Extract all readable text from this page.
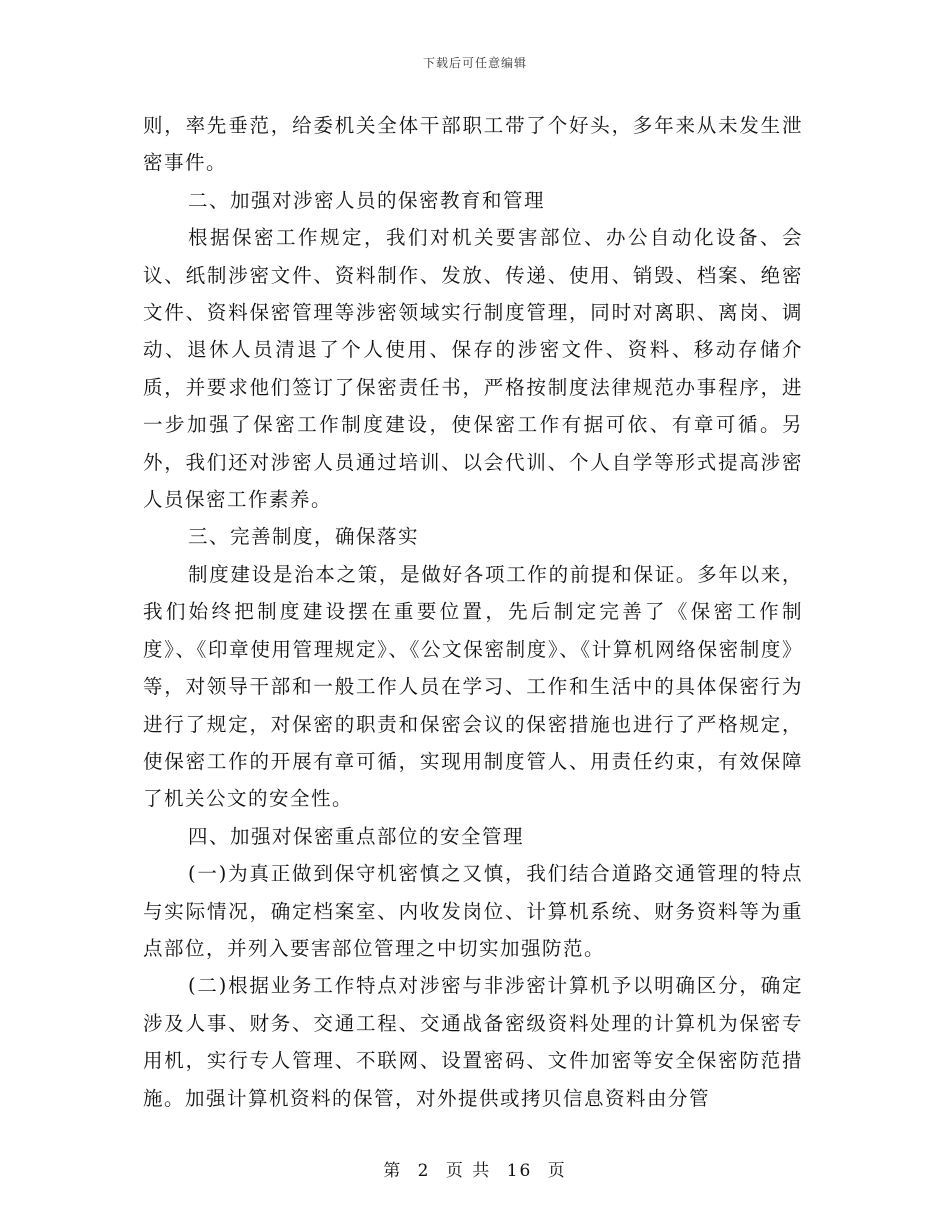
下载后可任意编辑

则，率先垂范，给委机关全体干部职工带了个好头，多年来从未发生泄密事件。

二、加强对涉密人员的保密教育和管理

根据保密工作规定，我们对机关要害部位、办公自动化设备、会议、纸制涉密文件、资料制作、发放、传递、使用、销毁、档案、绝密文件、资料保密管理等涉密领域实行制度管理，同时对离职、离岗、调动、退休人员清退了个人使用、保存的涉密文件、资料、移动存储介质，并要求他们签订了保密责任书，严格按制度法律规范办事程序，进一步加强了保密工作制度建设，使保密工作有据可依、有章可循。另外，我们还对涉密人员通过培训、以会代训、个人自学等形式提高涉密人员保密工作素养。

三、完善制度，确保落实

制度建设是治本之策，是做好各项工作的前提和保证。多年以来，我们始终把制度建设摆在重要位置，先后制定完善了《保密工作制度》、《印章使用管理规定》、《公文保密制度》、《计算机网络保密制度》等，对领导干部和一般工作人员在学习、工作和生活中的具体保密行为进行了规定，对保密的职责和保密会议的保密措施也进行了严格规定，使保密工作的开展有章可循，实现用制度管人、用责任约束，有效保障了机关公文的安全性。

四、加强对保密重点部位的安全管理

(一)为真正做到保守机密慎之又慎，我们结合道路交通管理的特点与实际情况，确定档案室、内收发岗位、计算机系统、财务资料等为重点部位，并列入要害部位管理之中切实加强防范。

(二)根据业务工作特点对涉密与非涉密计算机予以明确区分，确定涉及人事、财务、交通工程、交通战备密级资料处理的计算机为保密专用机，实行专人管理、不联网、设置密码、文件加密等安全保密防范措施。加强计算机资料的保管，对外提供或拷贝信息资料由分管

第 2 页 共 16 页
